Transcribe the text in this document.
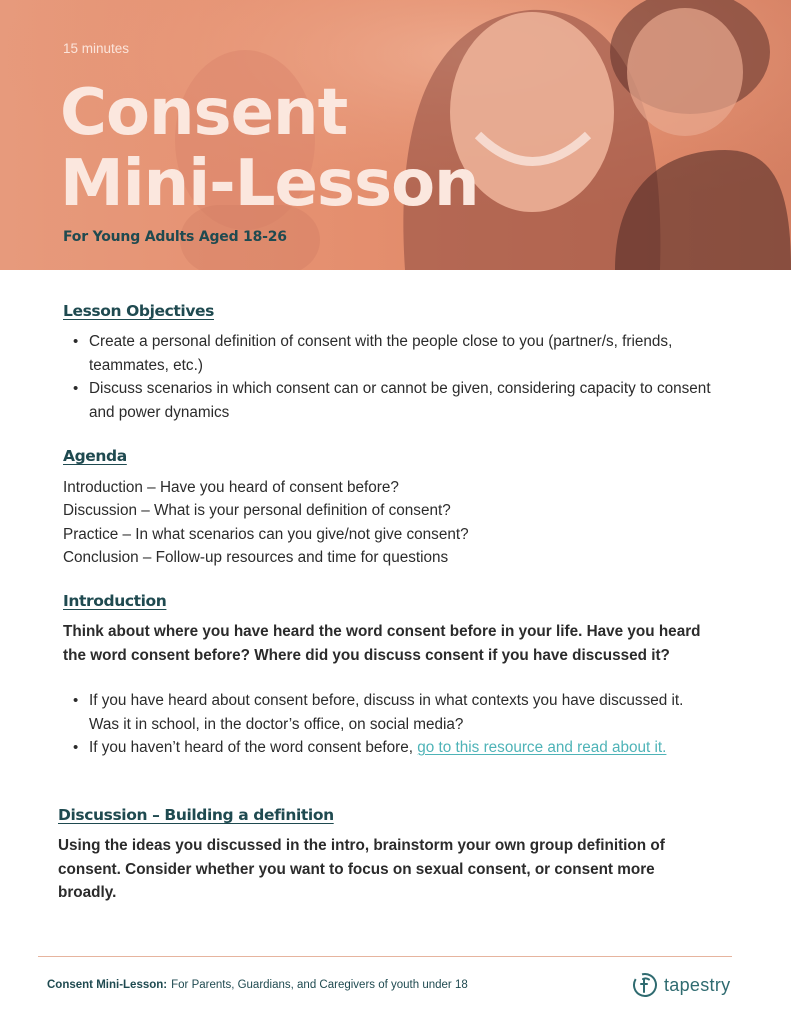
15 minutes
Consent
Mini-Lesson
For Young Adults Aged 18-26
Lesson Objectives
• Create a personal definition of consent with the people close to you (partner/s, friends, teammates, etc.)
• Discuss scenarios in which consent can or cannot be given, considering capacity to consent and power dynamics
Agenda
Introduction – Have you heard of consent before?
Discussion – What is your personal definition of consent?
Practice – In what scenarios can you give/not give consent?
Conclusion – Follow-up resources and time for questions
Introduction

Think about where you have heard the word consent before in your life. Have you heard the word consent before? Where did you discuss consent if you have discussed it?

• If you have heard about consent before, discuss in what contexts you have discussed it. Was it in school, in the doctor’s office, on social media?
• If you haven’t heard of the word consent before, go to this resource and read about it.
Discussion – Building a definition

Using the ideas you discussed in the intro, brainstorm your own group definition of consent. Consider whether you want to focus on sexual consent, or consent more broadly.

Consent Mini-Lesson: For Parents, Guardians, and Caregivers of youth under 18	tapestry
